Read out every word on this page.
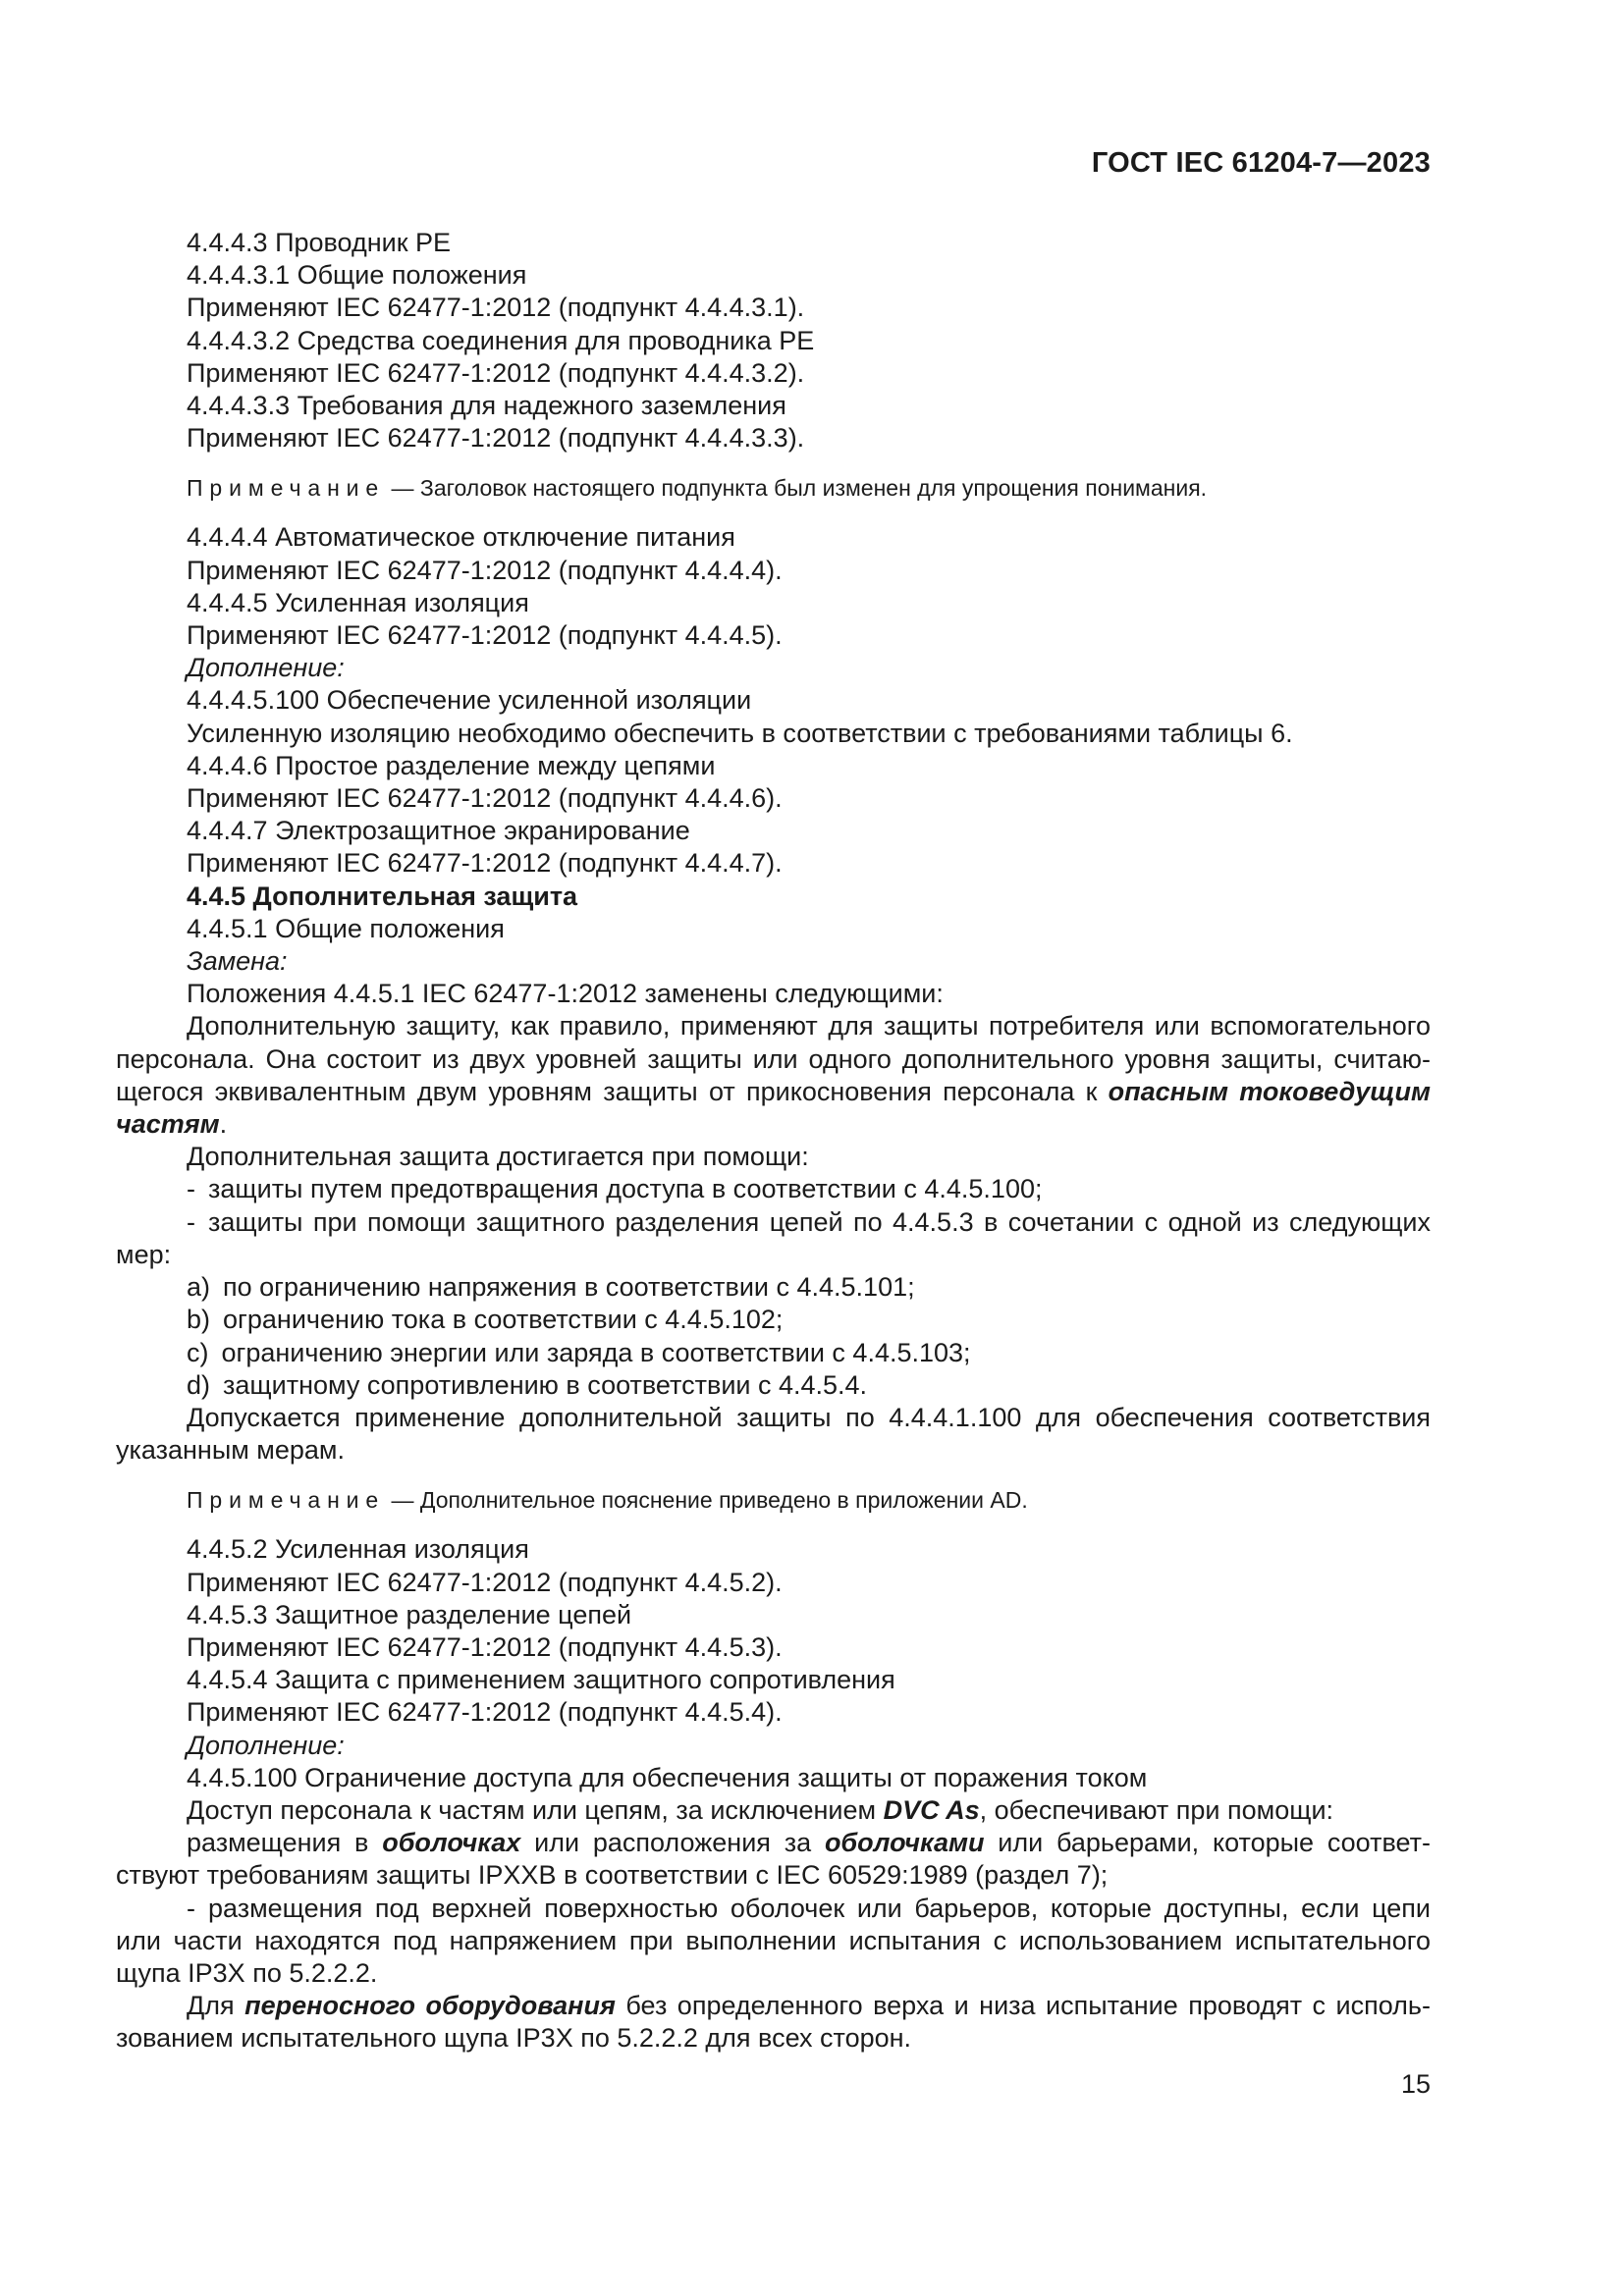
ГОСТ IEC 61204-7—2023

4.4.4.3 Проводник PE

4.4.4.3.1 Общие положения

Применяют IEC 62477-1:2012 (подпункт 4.4.4.3.1).

4.4.4.3.2 Средства соединения для проводника PE

Применяют IEC 62477-1:2012 (подпункт 4.4.4.3.2).

4.4.4.3.3 Требования для надежного заземления

Применяют IEC 62477-1:2012 (подпункт 4.4.4.3.3).

Примечание — Заголовок настоящего подпункта был изменен для упрощения понимания.

4.4.4.4 Автоматическое отключение питания

Применяют IEC 62477-1:2012 (подпункт 4.4.4.4).

4.4.4.5 Усиленная изоляция

Применяют IEC 62477-1:2012 (подпункт 4.4.4.5).

Дополнение:

4.4.4.5.100 Обеспечение усиленной изоляции

Усиленную изоляцию необходимо обеспечить в соответствии с требованиями таблицы 6.

4.4.4.6 Простое разделение между цепями

Применяют IEC 62477-1:2012 (подпункт 4.4.4.6).

4.4.4.7 Электрозащитное экранирование

Применяют IEC 62477-1:2012 (подпункт 4.4.4.7).

4.4.5 Дополнительная защита

4.4.5.1 Общие положения

Замена:

Положения 4.4.5.1 IEC 62477-1:2012 заменены следующими:

Дополнительную защиту, как правило, применяют для защиты потребителя или вспомогательного персонала. Она состоит из двух уровней защиты или одного дополнительного уровня защиты, считающегося эквивалентным двум уровням защиты от прикосновения персонала к опасным токоведущим частям.

Дополнительная защита достигается при помощи:

- защиты путем предотвращения доступа в соответствии с 4.4.5.100;

- защиты при помощи защитного разделения цепей по 4.4.5.3 в сочетании с одной из следующих мер:

a) по ограничению напряжения в соответствии с 4.4.5.101;

b) ограничению тока в соответствии с 4.4.5.102;

c) ограничению энергии или заряда в соответствии с 4.4.5.103;

d) защитному сопротивлению в соответствии с 4.4.5.4.

Допускается применение дополнительной защиты по 4.4.4.1.100 для обеспечения соответствия указанным мерам.

Примечание — Дополнительное пояснение приведено в приложении AD.

4.4.5.2 Усиленная изоляция

Применяют IEC 62477-1:2012 (подпункт 4.4.5.2).

4.4.5.3 Защитное разделение цепей

Применяют IEC 62477-1:2012 (подпункт 4.4.5.3).

4.4.5.4 Защита с применением защитного сопротивления

Применяют IEC 62477-1:2012 (подпункт 4.4.5.4).

Дополнение:

4.4.5.100 Ограничение доступа для обеспечения защиты от поражения током

Доступ персонала к частям или цепям, за исключением DVC As, обеспечивают при помощи:

размещения в оболочках или расположения за оболочками или барьерами, которые соответствуют требованиям защиты IPXXB в соответствии с IEC 60529:1989 (раздел 7);

- размещения под верхней поверхностью оболочек или барьеров, которые доступны, если цепи или части находятся под напряжением при выполнении испытания с использованием испытательного щупа IP3X по 5.2.2.2.

Для переносного оборудования без определенного верха и низа испытание проводят с использованием испытательного щупа IP3X по 5.2.2.2 для всех сторон.

15
